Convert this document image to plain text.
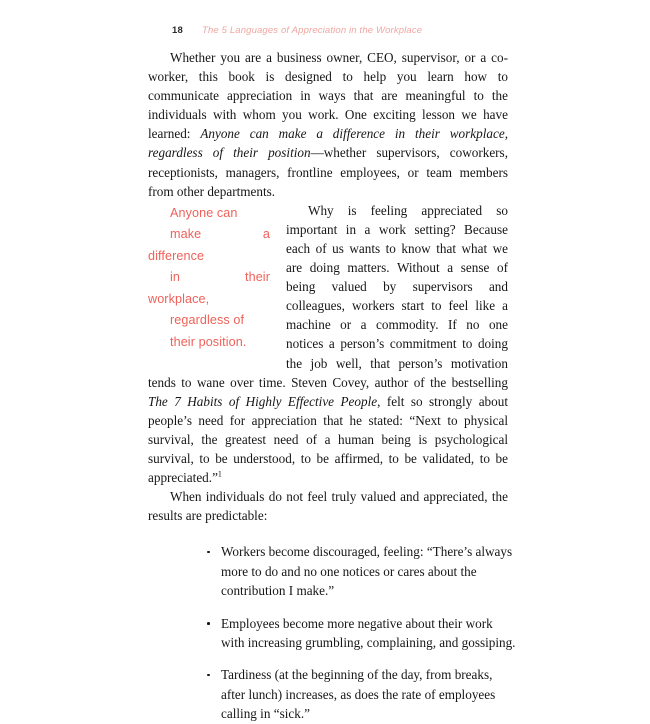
18	The 5 Languages of Appreciation in the Workplace

Whether you are a business owner, CEO, supervisor, or a co-worker, this book is designed to help you learn how to communicate appreciation in ways that are meaningful to the individuals with whom you work. One exciting lesson we have learned: Anyone can make a difference in their workplace, regardless of their position—whether supervisors, coworkers, receptionists, managers, frontline employees, or team members from other departments.

Anyone can
make a difference
in their workplace,
regardless of
their position.
Why is feeling appreciated so important in a work setting? Because each of us wants to know that what we are doing matters. Without a sense of being valued by supervisors and colleagues, workers start to feel like a machine or a commodity. If no one notices a person’s commitment to doing the job well, that person’s motivation tends to wane over time. Steven Covey, author of the bestselling The 7 Habits of Highly Effective People, felt so strongly about people’s need for appreciation that he stated: “Next to physical survival, the greatest need of a human being is psychological survival, to be understood, to be affirmed, to be validated, to be appreciated.”$^1$

When individuals do not feel truly valued and appreciated, the results are predictable:

Workers become discouraged, feeling: “There’s always more to do and no one notices or cares about the contribution I make.”
Employees become more negative about their work with increasing grumbling, complaining, and gossiping.
Tardiness (at the beginning of the day, from breaks, after lunch) increases, as does the rate of employees calling in “sick.”
